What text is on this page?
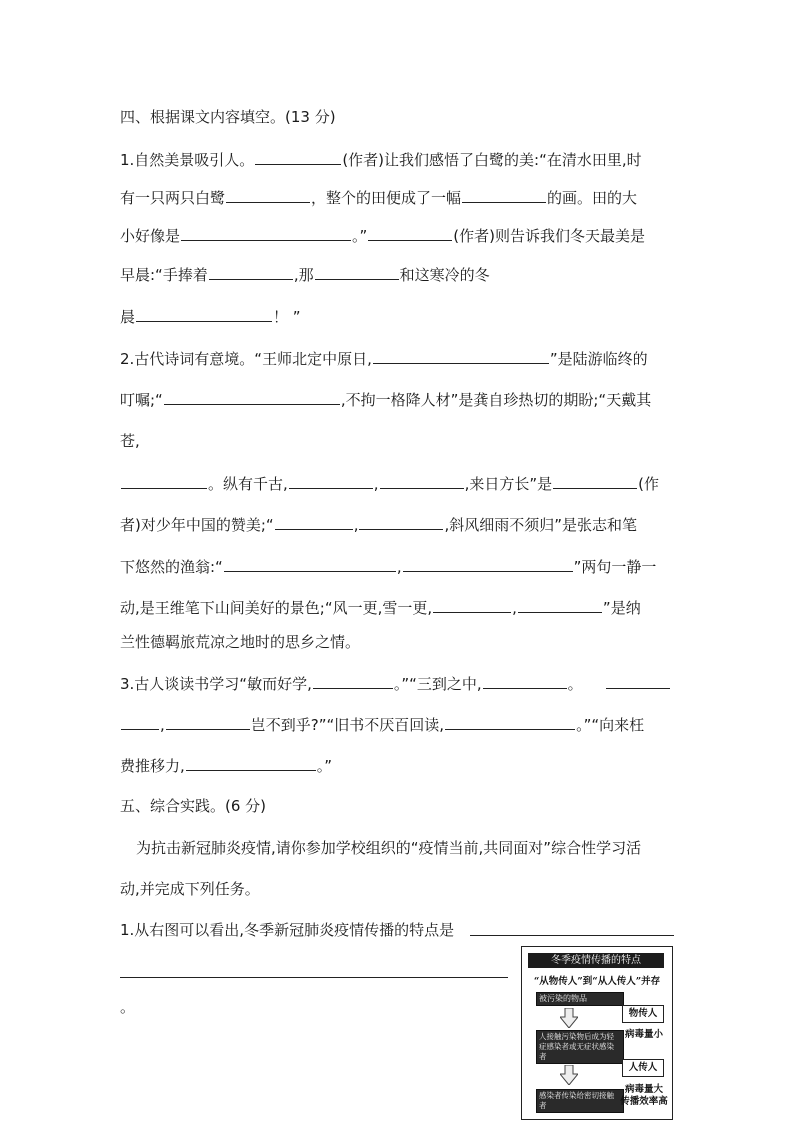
四、根据课文内容填空。(13 分)
1.自然美景吸引人。	(作者)让我们感悟了白鹭的美:“在清水田里,时
有一只两只白鹭	，整个的田便成了一幅	的画。田的大
小好像是	。”	(作者)则告诉我们冬天最美是
早晨:“手捧着	,那	和这寒冷的冬
晨	！ ”
2.古代诗词有意境。“王师北定中原日,	”是陆游临终的
叮嘱;“	,不拘一格降人材”是龚自珍热切的期盼;“天戴其
苍,
。纵有千古,	,	,来日方长”是	(作
者)对少年中国的赞美;“	,	,斜风细雨不须归”是张志和笔
下悠然的渔翁:“	,	”两句一静一
动,是王维笔下山间美好的景色;“风一更,雪一更,	,	”是纳
兰性德羁旅荒凉之地时的思乡之情。
3.古人谈读书学习“敏而好学,	。”“三到之中,	。
,	岂不到乎?”“旧书不厌百回读,	。”“向来枉
费推移力,	。”
五、综合实践。(6 分)
为抗击新冠肺炎疫情,请你参加学校组织的“疫情当前,共同面对”综合性学习活
动,并完成下列任务。
1.从右图可以看出,冬季新冠肺炎疫情传播的特点是
。
冬季疫情传播的特点
“从物传人”到“从人传人”并存
被污染的物品
人接触污染物后成为轻症感染者或无症状感染者
感染者传染给密切接触者
物传人
病毒量小
人传人
病毒量大
传播效率高
